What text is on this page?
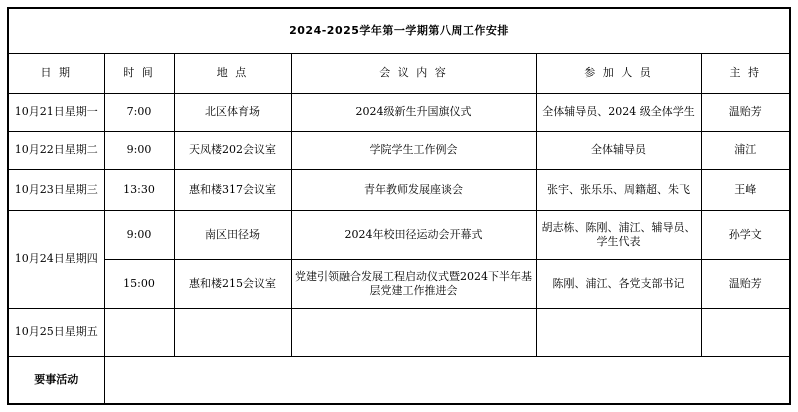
2024-2025学年第一学期第八周工作安排					
日 期	时 间	地 点	会 议 内 容	参 加 人 员	主 持
10月21日星期一	7:00	北区体育场	2024级新生升国旗仪式	全体辅导员、2024 级全体学生	温贻芳
10月22日星期二	9:00	天凤楼202会议室	学院学生工作例会	全体辅导员	浦江
10月23日星期三	13:30	惠和楼317会议室	青年教师发展座谈会	张宇、张乐乐、周籍超、朱飞	王峰
10月24日星期四	9:00	南区田径场	2024年校田径运动会开幕式	胡志栋、陈刚、浦江、辅导员、学生代表	孙学文
	15:00	惠和楼215会议室	党建引领融合发展工程启动仪式暨2024下半年基层党建工作推进会	陈刚、浦江、各党支部书记	温贻芳
10月25日星期五					
要事活动					
